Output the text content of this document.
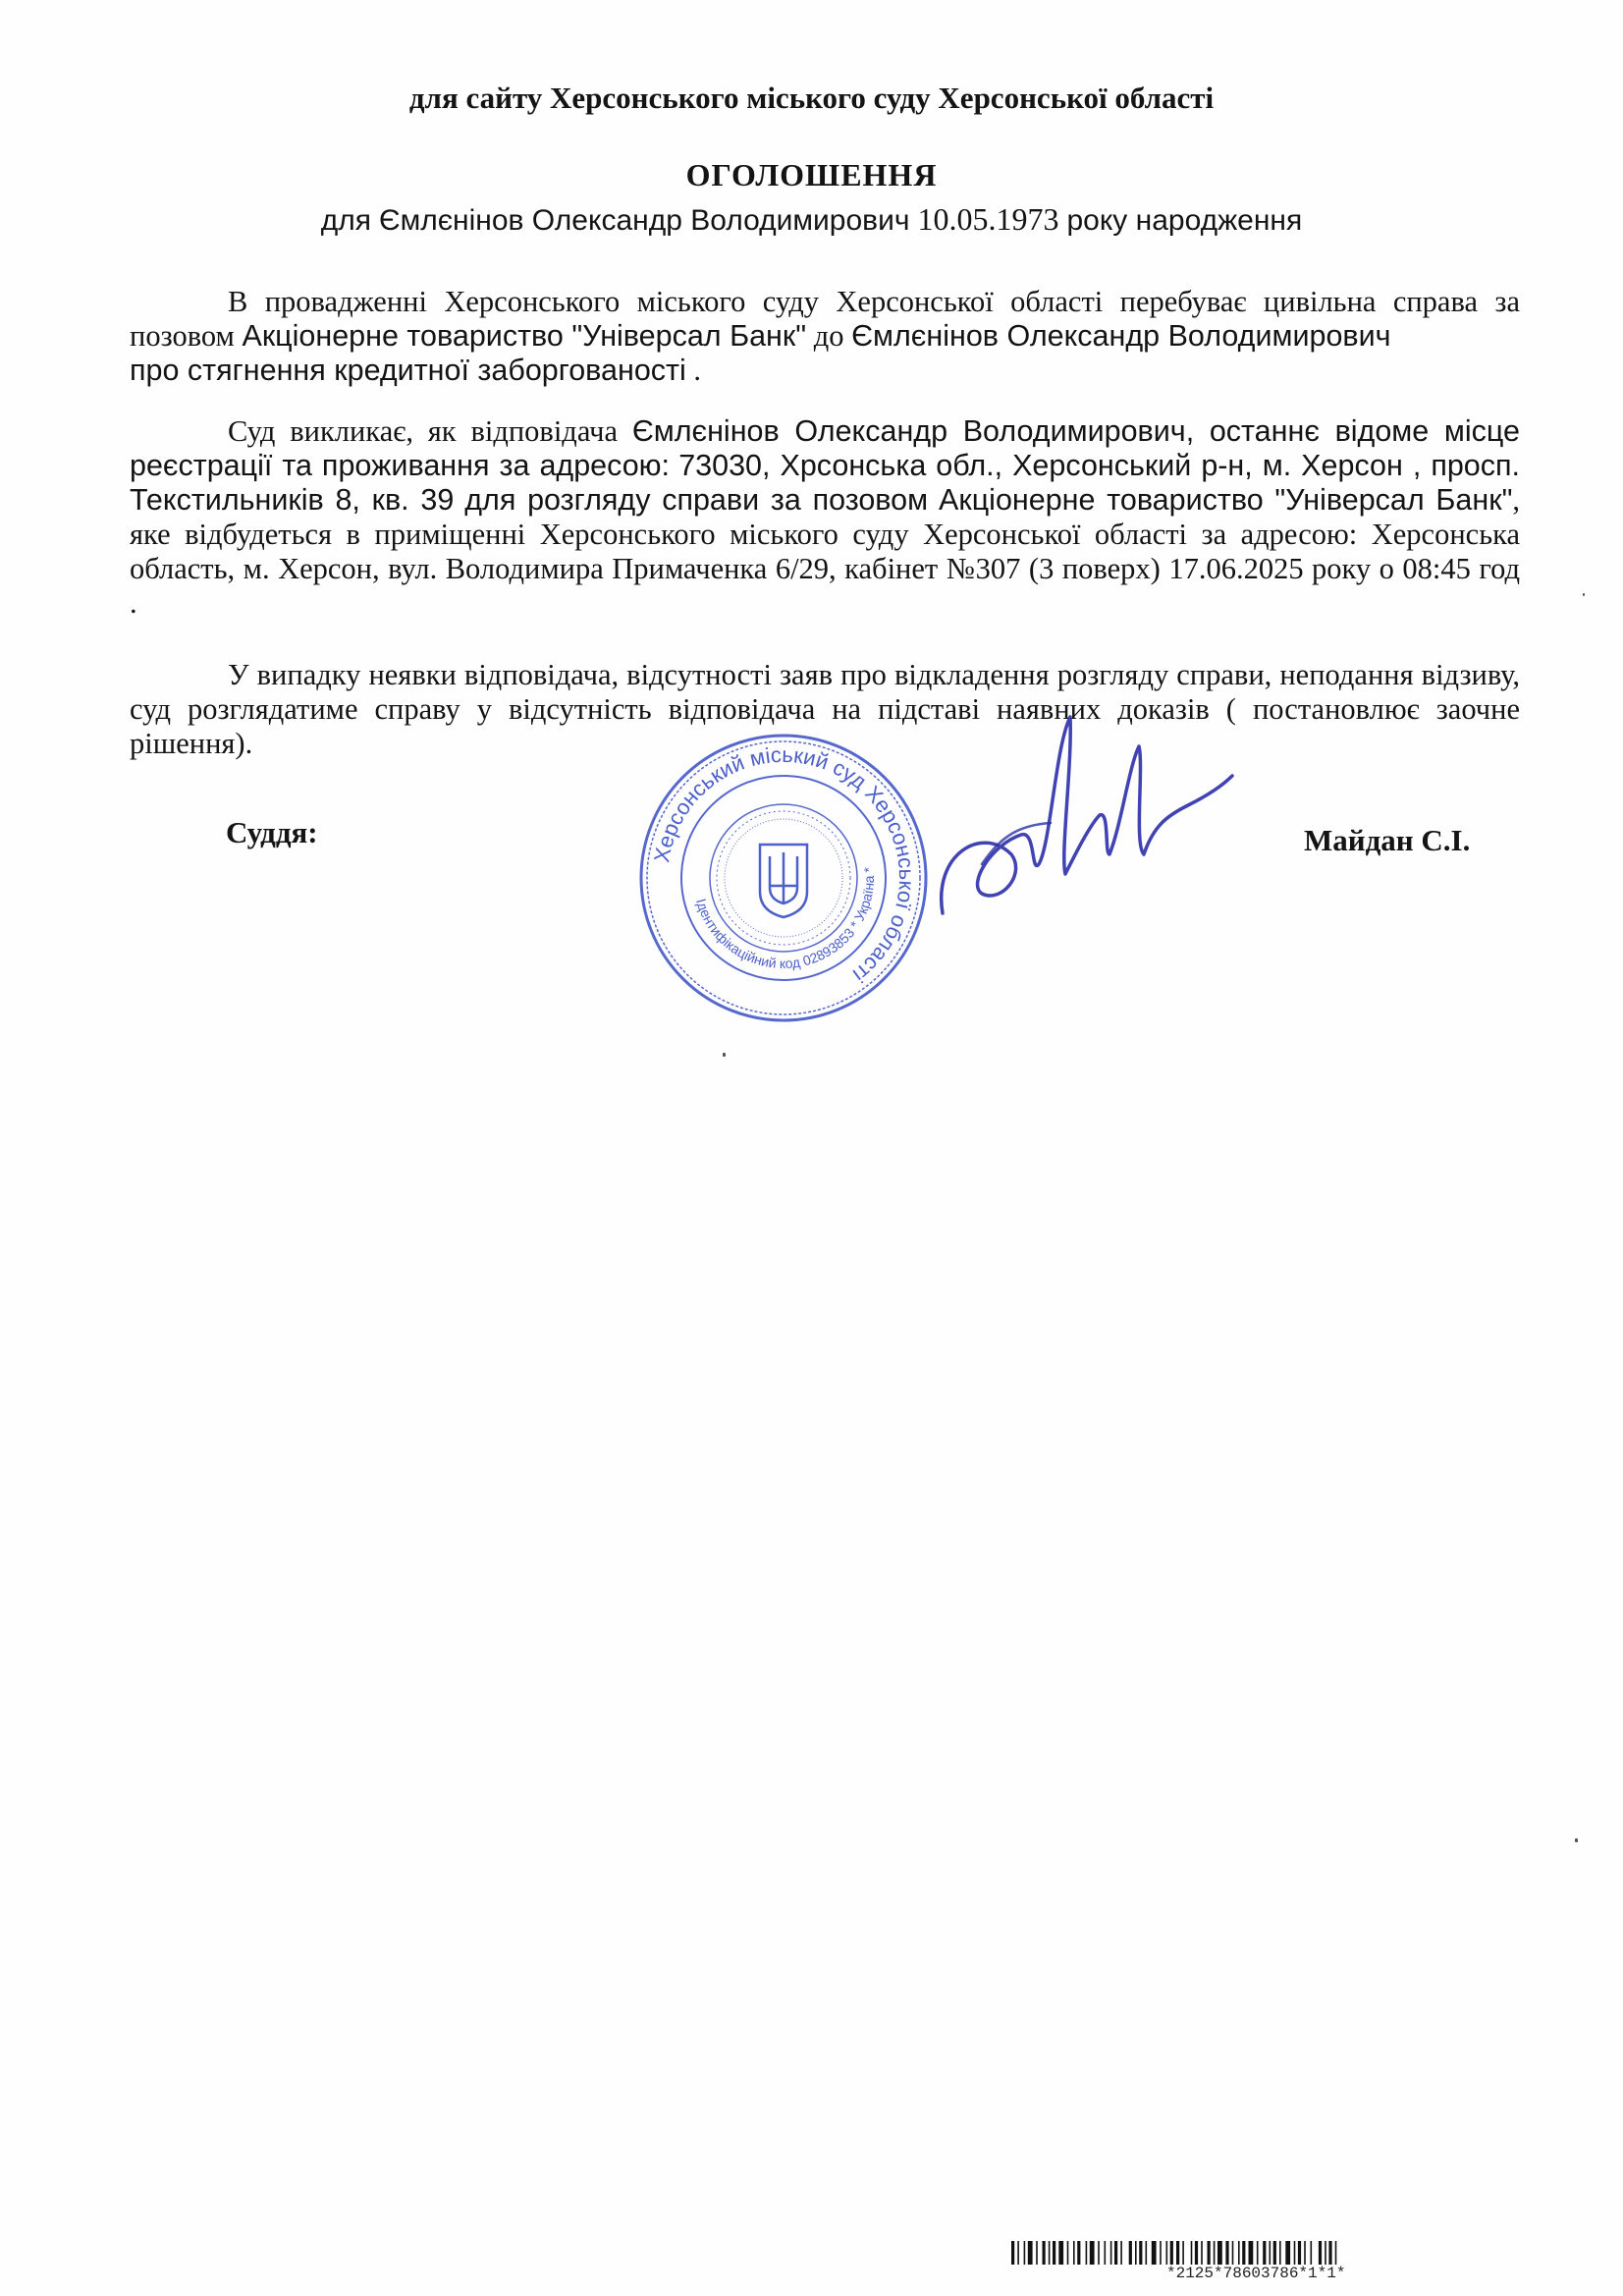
для сайту Херсонського міського суду Херсонської області
ОГОЛОШЕННЯ
для Ємлєнінов Олександр Володимирович 10.05.1973 року народження

В провадженні Херсонського міського суду Херсонської області перебуває цивільна справа за позовом Акціонерне товариство "Універсал Банк" до Ємлєнінов Олександр Володимирович
про стягнення кредитної заборгованості .

Суд викликає, як відповідача Ємлєнінов Олександр Володимирович, останнє відоме місце реєстрації та проживання за адресою: 73030, Хрсонська обл., Херсонський р-н, м. Херсон , просп. Текстильників 8, кв. 39 для розгляду справи за позовом Акціонерне товариство "Універсал Банк", яке відбудеться в приміщенні Херсонського міського суду Херсонської області за адресою: Херсонська область, м. Херсон, вул. Володимира Примаченка 6/29, кабінет №307 (3 поверх) 17.06.2025 року о 08:45 год .

У випадку неявки відповідача, відсутності заяв про відкладення розгляду справи, неподання відзиву, суд розглядатиме справу у відсутність відповідача на підставі наявних доказів ( постановлює заочне рішення).

Суддя:	Майдан С.І.
Херсонський міський суд Херсонської області
Ідентифікаційний код 02893853 * Україна *
*2125*78603786*1*1*
